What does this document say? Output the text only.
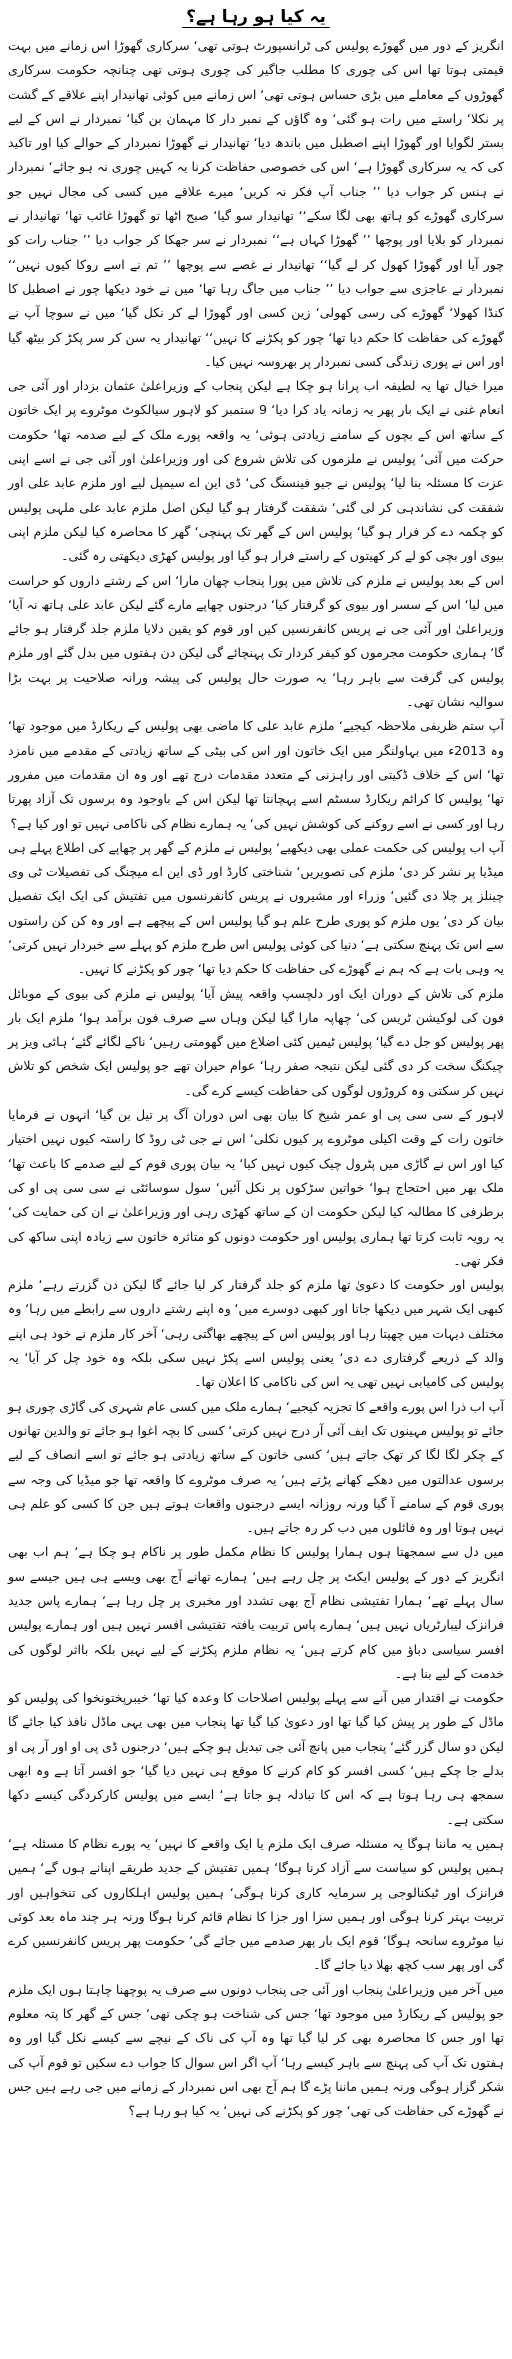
یہ کیا ہو رہا ہے؟

انگریز کے دور میں گھوڑے پولیس کی ٹرانسپورٹ ہوتی تھی‘ سرکاری گھوڑا اس زمانے میں بہت قیمتی ہوتا تھا اس کی چوری کا مطلب جاگیر کی چوری ہوتی تھی چنانچہ حکومت سرکاری گھوڑوں کے معاملے میں بڑی حساس ہوتی تھی‘ اس زمانے میں کوئی تھانیدار اپنے علاقے کے گشت پر نکلا‘ راستے میں رات ہو گئی‘ وہ گاؤں کے نمبر دار کا مہمان بن گیا‘ نمبردار نے اس کے لیے بستر لگوایا اور گھوڑا اپنے اصطبل میں باندھ دیا‘ تھانیدار نے گھوڑا نمبردار کے حوالے کیا اور تاکید کی کہ یہ سرکاری گھوڑا ہے‘ اس کی خصوصی حفاظت کرنا یہ کہیں چوری نہ ہو جائے‘ نمبردار نے ہنس کر جواب دیا ’’ جناب آپ فکر نہ کریں‘ میرے علاقے میں کسی کی مجال نہیں جو سرکاری گھوڑے کو ہاتھ بھی لگا سکے‘‘ تھانیدار سو گیا‘ صبح اٹھا تو گھوڑا غائب تھا‘ تھانیدار نے نمبردار کو بلایا اور پوچھا ’’ گھوڑا کہاں ہے‘‘ نمبردار نے سر جھکا کر جواب دیا ’’ جناب رات کو چور آیا اور گھوڑا کھول کر لے گیا‘‘ تھانیدار نے غصے سے پوچھا ’’ تم نے اسے روکا کیوں نہیں‘‘ نمبردار نے عاجزی سے جواب دیا ’’ جناب میں جاگ رہا تھا‘ میں نے خود دیکھا چور نے اصطبل کا کنڈا کھولا‘ گھوڑے کی رسی کھولی‘ زین کسی اور گھوڑا لے کر نکل گیا‘ میں نے سوچا آپ نے گھوڑے کی حفاظت کا حکم دیا تھا‘ چور کو پکڑنے کا نہیں‘‘ تھانیدار یہ سن کر سر پکڑ کر بیٹھ گیا اور اس نے پوری زندگی کسی نمبردار پر بھروسہ نہیں کیا۔

میرا خیال تھا یہ لطیفہ اب پرانا ہو چکا ہے لیکن پنجاب کے وزیراعلیٰ عثمان بزدار اور آئی جی انعام غنی نے ایک بار پھر یہ زمانہ یاد کرا دیا‘ 9 ستمبر کو لاہور سیالکوٹ موٹروے پر ایک خاتون کے ساتھ اس کے بچوں کے سامنے زیادتی ہوئی‘ یہ واقعہ پورے ملک کے لیے صدمہ تھا‘ حکومت حرکت میں آئی‘ پولیس نے ملزموں کی تلاش شروع کی اور وزیراعلیٰ اور آئی جی نے اسے اپنی عزت کا مسئلہ بنا لیا‘ پولیس نے جیو فینسنگ کی‘ ڈی این اے سیمپل لیے اور ملزم عابد علی اور شفقت کی نشاندہی کر لی گئی‘ شفقت گرفتار ہو گیا لیکن اصل ملزم عابد علی ملہی پولیس کو چکمہ دے کر فرار ہو گیا‘ پولیس اس کے گھر تک پہنچی‘ گھر کا محاصرہ کیا لیکن ملزم اپنی بیوی اور بچی کو لے کر کھیتوں کے راستے فرار ہو گیا اور پولیس کھڑی دیکھتی رہ گئی۔

اس کے بعد پولیس نے ملزم کی تلاش میں پورا پنجاب چھان مارا‘ اس کے رشتے داروں کو حراست میں لیا‘ اس کے سسر اور بیوی کو گرفتار کیا‘ درجنوں چھاپے مارے گئے لیکن عابد علی ہاتھ نہ آیا‘ وزیراعلیٰ اور آئی جی نے پریس کانفرنسیں کیں اور قوم کو یقین دلایا ملزم جلد گرفتار ہو جائے گا‘ ہماری حکومت مجرموں کو کیفر کردار تک پہنچائے گی لیکن دن ہفتوں میں بدل گئے اور ملزم پولیس کی گرفت سے باہر رہا‘ یہ صورت حال پولیس کی پیشہ ورانہ صلاحیت پر بہت بڑا سوالیہ نشان تھی۔

آپ ستم ظریفی ملاحظہ کیجیے‘ ملزم عابد علی کا ماضی بھی پولیس کے ریکارڈ میں موجود تھا‘ وہ 2013ء میں بہاولنگر میں ایک خاتون اور اس کی بیٹی کے ساتھ زیادتی کے مقدمے میں نامزد تھا‘ اس کے خلاف ڈکیتی اور راہزنی کے متعدد مقدمات درج تھے اور وہ ان مقدمات میں مفرور تھا‘ پولیس کا کرائم ریکارڈ سسٹم اسے پہچانتا تھا لیکن اس کے باوجود وہ برسوں تک آزاد پھرتا رہا اور کسی نے اسے روکنے کی کوشش نہیں کی‘ یہ ہمارے نظام کی ناکامی نہیں تو اور کیا ہے؟

آپ اب پولیس کی حکمت عملی بھی دیکھیے‘ پولیس نے ملزم کے گھر پر چھاپے کی اطلاع پہلے ہی میڈیا پر نشر کر دی‘ ملزم کی تصویریں‘ شناختی کارڈ اور ڈی این اے میچنگ کی تفصیلات ٹی وی چینلز پر چلا دی گئیں‘ وزراء اور مشیروں نے پریس کانفرنسوں میں تفتیش کی ایک ایک تفصیل بیان کر دی‘ یوں ملزم کو پوری طرح علم ہو گیا پولیس اس کے پیچھے ہے اور وہ کن کن راستوں سے اس تک پہنچ سکتی ہے‘ دنیا کی کوئی پولیس اس طرح ملزم کو پہلے سے خبردار نہیں کرتی‘ یہ وہی بات ہے کہ ہم نے گھوڑے کی حفاظت کا حکم دیا تھا‘ چور کو پکڑنے کا نہیں۔

ملزم کی تلاش کے دوران ایک اور دلچسپ واقعہ پیش آیا‘ پولیس نے ملزم کی بیوی کے موبائل فون کی لوکیشن ٹریس کی‘ چھاپہ مارا گیا لیکن وہاں سے صرف فون برآمد ہوا‘ ملزم ایک بار پھر پولیس کو جل دے گیا‘ پولیس ٹیمیں کئی اضلاع میں گھومتی رہیں‘ ناکے لگائے گئے‘ ہائی ویز پر چیکنگ سخت کر دی گئی لیکن نتیجہ صفر رہا‘ عوام حیران تھے جو پولیس ایک شخص کو تلاش نہیں کر سکتی وہ کروڑوں لوگوں کی حفاظت کیسے کرے گی۔

لاہور کے سی سی پی او عمر شیخ کا بیان بھی اس دوران آگ پر تیل بن گیا‘ انہوں نے فرمایا خاتون رات کے وقت اکیلی موٹروے پر کیوں نکلی‘ اس نے جی ٹی روڈ کا راستہ کیوں نہیں اختیار کیا اور اس نے گاڑی میں پٹرول چیک کیوں نہیں کیا‘ یہ بیان پوری قوم کے لیے صدمے کا باعث تھا‘ ملک بھر میں احتجاج ہوا‘ خواتین سڑکوں پر نکل آئیں‘ سول سوسائٹی نے سی سی پی او کی برطرفی کا مطالبہ کیا لیکن حکومت ان کے ساتھ کھڑی رہی اور وزیراعلیٰ نے ان کی حمایت کی‘ یہ رویہ ثابت کرتا تھا ہماری پولیس اور حکومت دونوں کو متاثرہ خاتون سے زیادہ اپنی ساکھ کی فکر تھی۔

پولیس اور حکومت کا دعویٰ تھا ملزم کو جلد گرفتار کر لیا جائے گا لیکن دن گزرتے رہے‘ ملزم کبھی ایک شہر میں دیکھا جاتا اور کبھی دوسرے میں‘ وہ اپنے رشتے داروں سے رابطے میں رہا‘ وہ مختلف دیہات میں چھپتا رہا اور پولیس اس کے پیچھے بھاگتی رہی‘ آخر کار ملزم نے خود ہی اپنے والد کے ذریعے گرفتاری دے دی‘ یعنی پولیس اسے پکڑ نہیں سکی بلکہ وہ خود چل کر آیا‘ یہ پولیس کی کامیابی نہیں تھی یہ اس کی ناکامی کا اعلان تھا۔

آپ اب ذرا اس پورے واقعے کا تجزیہ کیجیے‘ ہمارے ملک میں کسی عام شہری کی گاڑی چوری ہو جائے تو پولیس مہینوں تک ایف آئی آر درج نہیں کرتی‘ کسی کا بچہ اغوا ہو جائے تو والدین تھانوں کے چکر لگا لگا کر تھک جاتے ہیں‘ کسی خاتون کے ساتھ زیادتی ہو جائے تو اسے انصاف کے لیے برسوں عدالتوں میں دھکے کھانے پڑتے ہیں‘ یہ صرف موٹروے کا واقعہ تھا جو میڈیا کی وجہ سے پوری قوم کے سامنے آ گیا ورنہ روزانہ ایسے درجنوں واقعات ہوتے ہیں جن کا کسی کو علم ہی نہیں ہوتا اور وہ فائلوں میں دب کر رہ جاتے ہیں۔

میں دل سے سمجھتا ہوں ہمارا پولیس کا نظام مکمل طور پر ناکام ہو چکا ہے‘ ہم اب بھی انگریز کے دور کے پولیس ایکٹ پر چل رہے ہیں‘ ہمارے تھانے آج بھی ویسے ہی ہیں جیسے سو سال پہلے تھے‘ ہمارا تفتیشی نظام آج بھی تشدد اور مخبری پر چل رہا ہے‘ ہمارے پاس جدید فرانزک لیبارٹریاں نہیں ہیں‘ ہمارے پاس تربیت یافتہ تفتیشی افسر نہیں ہیں اور ہمارے پولیس افسر سیاسی دباؤ میں کام کرتے ہیں‘ یہ نظام ملزم پکڑنے کے لیے نہیں بلکہ بااثر لوگوں کی خدمت کے لیے بنا ہے۔

حکومت نے اقتدار میں آنے سے پہلے پولیس اصلاحات کا وعدہ کیا تھا‘ خیبرپختونخوا کی پولیس کو ماڈل کے طور پر پیش کیا گیا تھا اور دعویٰ کیا گیا تھا پنجاب میں بھی یہی ماڈل نافذ کیا جائے گا لیکن دو سال گزر گئے‘ پنجاب میں پانچ آئی جی تبدیل ہو چکے ہیں‘ درجنوں ڈی پی او اور آر پی او بدلے جا چکے ہیں‘ کسی افسر کو کام کرنے کا موقع ہی نہیں دیا گیا‘ جو افسر آتا ہے وہ ابھی سمجھ ہی رہا ہوتا ہے کہ اس کا تبادلہ ہو جاتا ہے‘ ایسے میں پولیس کارکردگی کیسے دکھا سکتی ہے۔

ہمیں یہ ماننا ہوگا یہ مسئلہ صرف ایک ملزم یا ایک واقعے کا نہیں‘ یہ پورے نظام کا مسئلہ ہے‘ ہمیں پولیس کو سیاست سے آزاد کرنا ہوگا‘ ہمیں تفتیش کے جدید طریقے اپنانے ہوں گے‘ ہمیں فرانزک اور ٹیکنالوجی پر سرمایہ کاری کرنا ہوگی‘ ہمیں پولیس اہلکاروں کی تنخواہیں اور تربیت بہتر کرنا ہوگی اور ہمیں سزا اور جزا کا نظام قائم کرنا ہوگا ورنہ ہر چند ماہ بعد کوئی نیا موٹروے سانحہ ہوگا‘ قوم ایک بار پھر صدمے میں جائے گی‘ حکومت پھر پریس کانفرنسیں کرے گی اور پھر سب کچھ بھلا دیا جائے گا۔

میں آخر میں وزیراعلیٰ پنجاب اور آئی جی پنجاب دونوں سے صرف یہ پوچھنا چاہتا ہوں ایک ملزم جو پولیس کے ریکارڈ میں موجود تھا‘ جس کی شناخت ہو چکی تھی‘ جس کے گھر کا پتہ معلوم تھا اور جس کا محاصرہ بھی کر لیا گیا تھا وہ آپ کی ناک کے نیچے سے کیسے نکل گیا اور وہ ہفتوں تک آپ کی پہنچ سے باہر کیسے رہا‘ آپ اگر اس سوال کا جواب دے سکیں تو قوم آپ کی شکر گزار ہوگی ورنہ ہمیں ماننا پڑے گا ہم آج بھی اس نمبردار کے زمانے میں جی رہے ہیں جس نے گھوڑے کی حفاظت کی تھی‘ چور کو پکڑنے کی نہیں‘ یہ کیا ہو رہا ہے؟
